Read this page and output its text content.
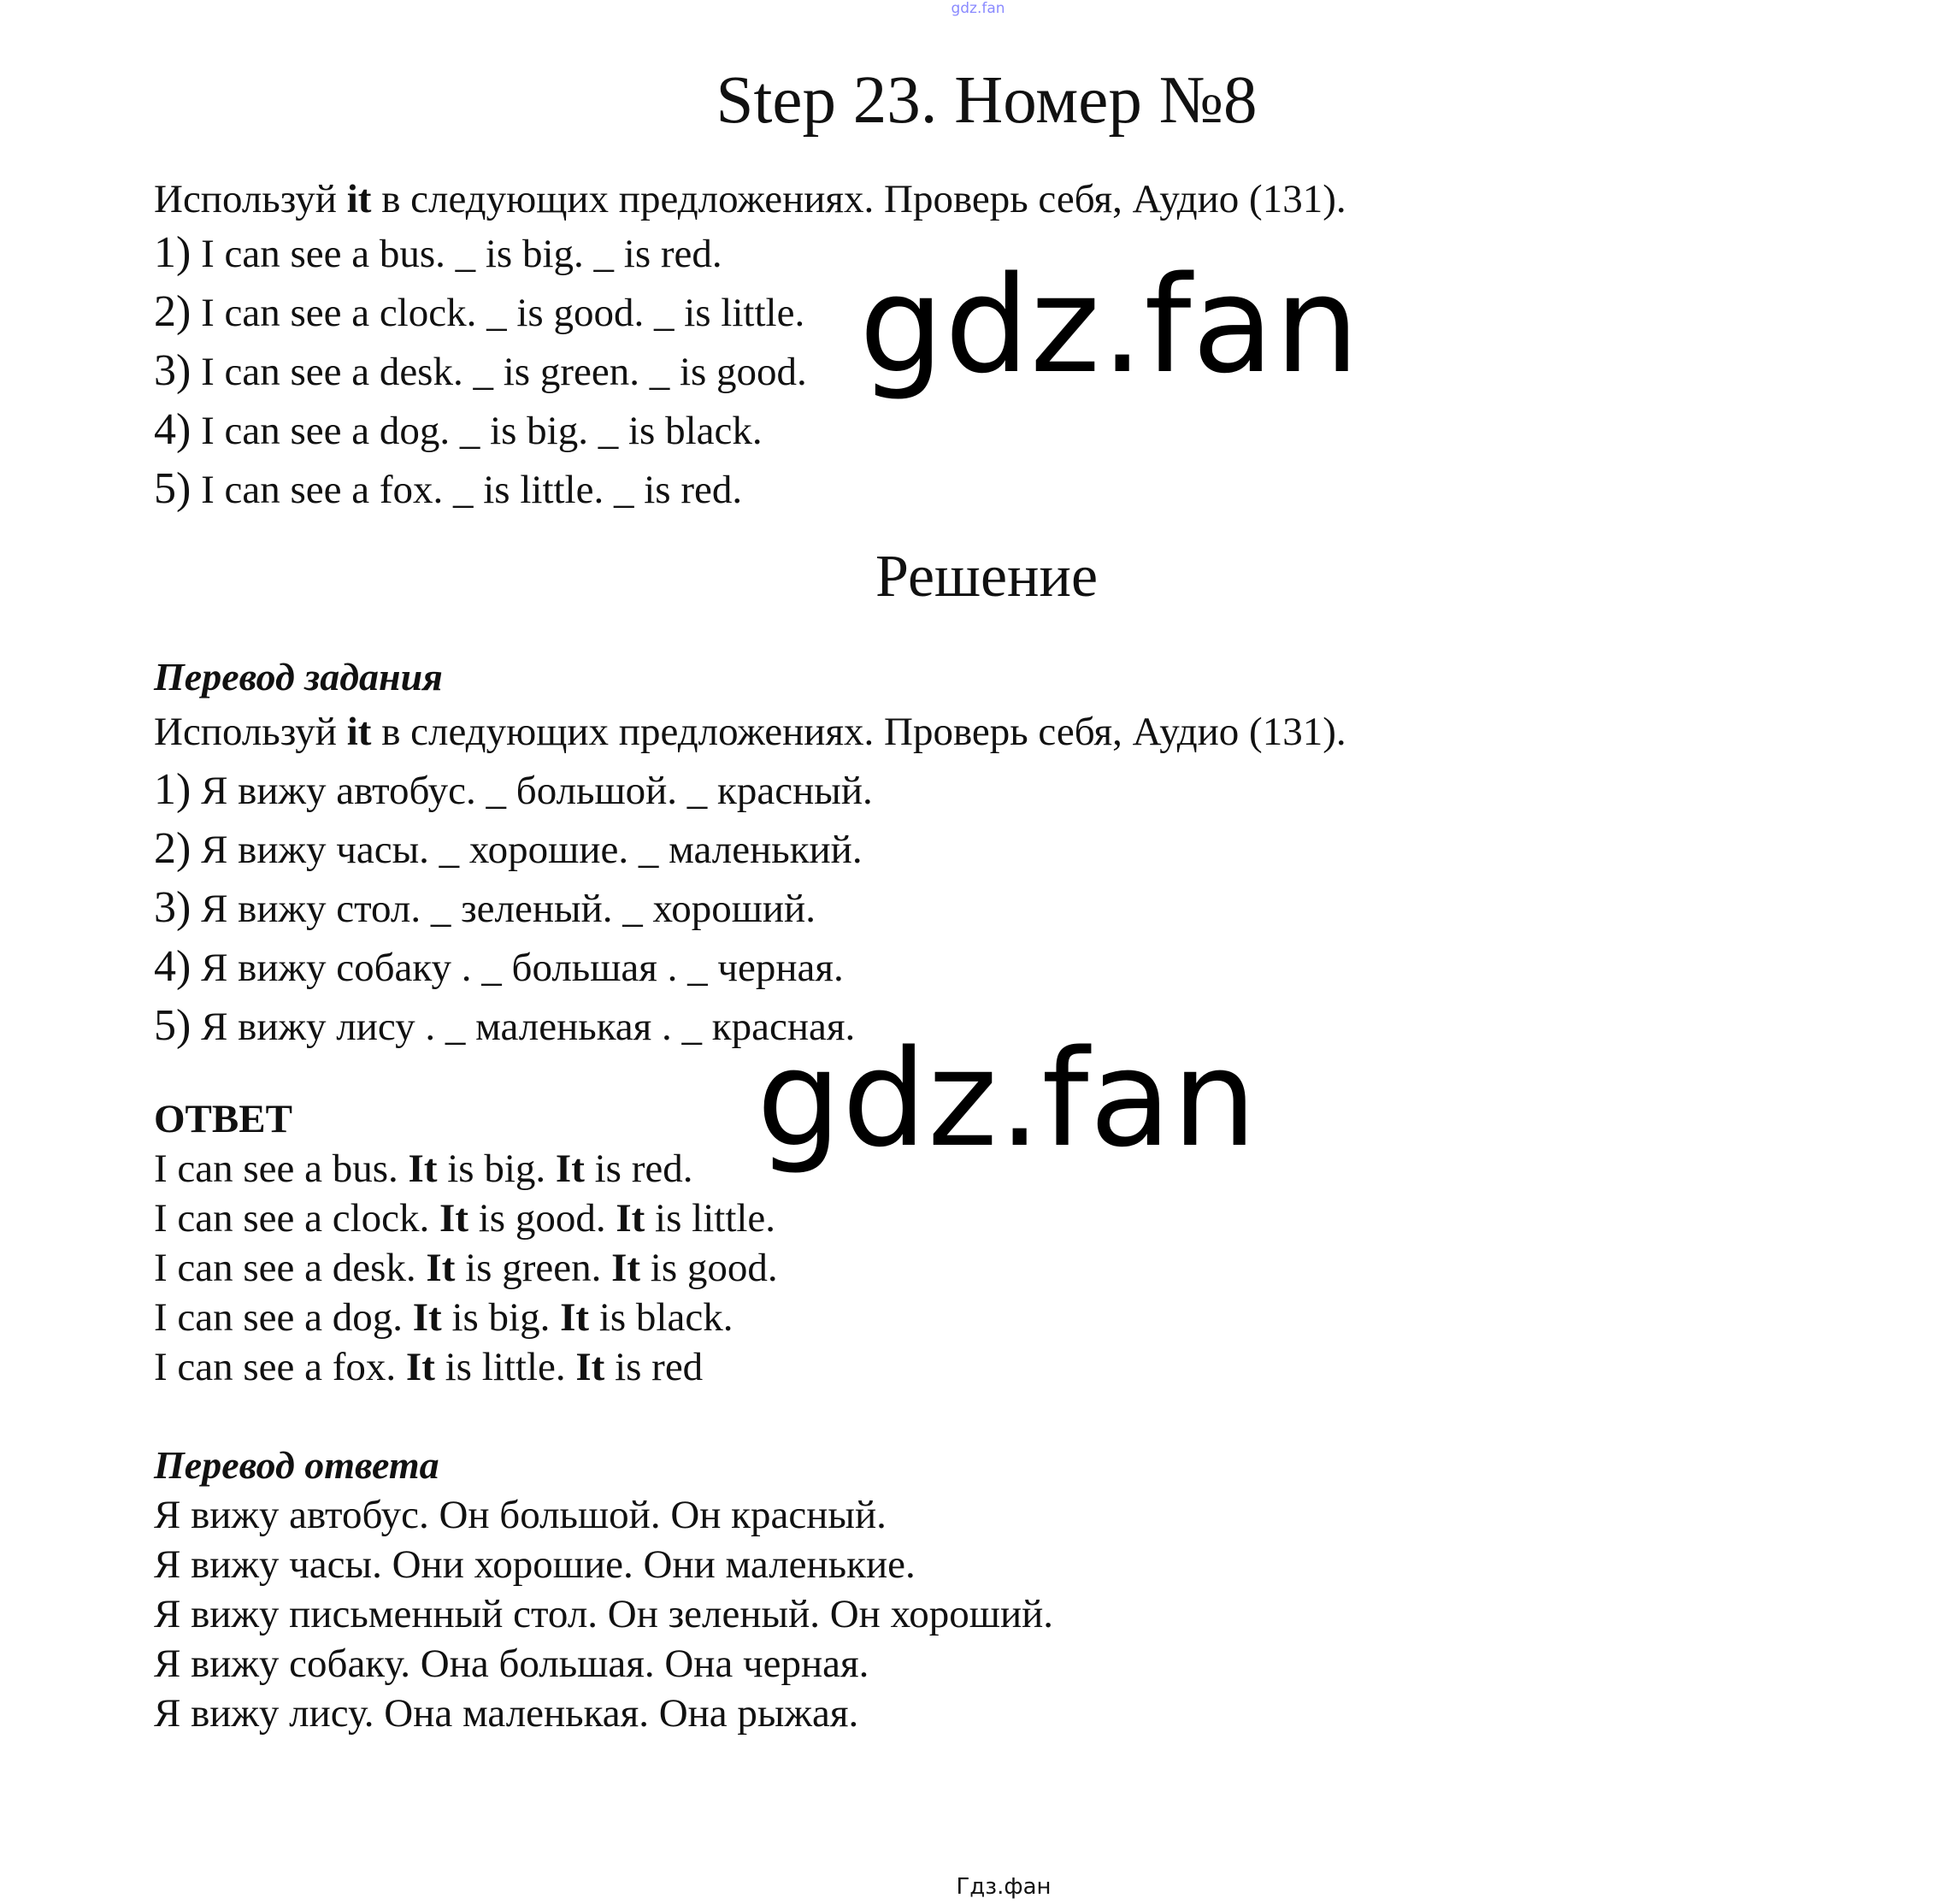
gdz.fan
Step 23. Номер №8
Используй it в следующих предложениях. Проверь себя, Аудио (131).
1) I can see a bus. _ is big. _ is red.
2) I can see a clock. _ is good. _ is little.
3) I can see a desk. _ is green. _ is good.
4) I can see a dog. _ is big. _ is black.
5) I can see a fox. _ is little. _ is red.
Решение
Перевод задания
Используй it в следующих предложениях. Проверь себя, Аудио (131).
1) Я вижу автобус. _ большой. _ красный.
2) Я вижу часы. _ хорошие. _ маленький.
3) Я вижу стол. _ зеленый. _ хороший.
4) Я вижу собаку . _ большая . _ черная.
5) Я вижу лису . _ маленькая . _ красная.
ОТВЕТ
I can see a bus. It is big. It is red.
I can see a clock. It is good. It is little.
I can see a desk. It is green. It is good.
I can see a dog. It is big. It is black.
I can see a fox. It is little. It is red
Перевод ответа
Я вижу автобус. Он большой. Он красный.
Я вижу часы. Они хорошие. Они маленькие.
Я вижу письменный стол. Он зеленый. Он хороший.
Я вижу собаку. Она большая. Она черная.
Я вижу лису. Она маленькая. Она рыжая.
gdz.fan
gdz.fan
Гдз.фан
